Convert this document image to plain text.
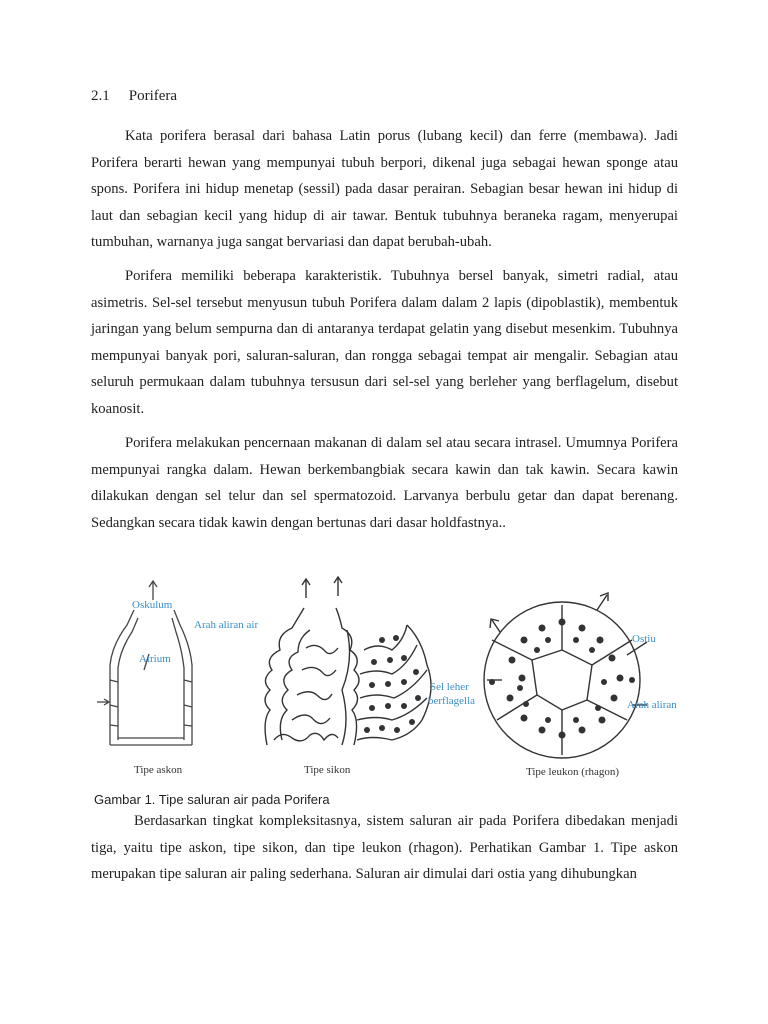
2.1 Porifera

Kata porifera berasal dari bahasa Latin porus (lubang kecil) dan ferre (membawa). Jadi Porifera berarti hewan yang mempunyai tubuh berpori, dikenal juga sebagai hewan sponge atau spons. Porifera ini hidup menetap (sessil) pada dasar perairan. Sebagian besar hewan ini hidup di laut dan sebagian kecil yang hidup di air tawar. Bentuk tubuhnya beraneka ragam, menyerupai tumbuhan, warnanya juga sangat bervariasi dan dapat berubah-ubah.

Porifera memiliki beberapa karakteristik. Tubuhnya bersel banyak, simetri radial, atau asimetris. Sel-sel tersebut menyusun tubuh Porifera dalam dalam 2 lapis (dipoblastik), membentuk jaringan yang belum sempurna dan di antaranya terdapat gelatin yang disebut mesenkim. Tubuhnya mempunyai banyak pori, saluran-saluran, dan rongga sebagai tempat air mengalir. Sebagian atau seluruh permukaan dalam tubuhnya tersusun dari sel-sel yang berleher yang berflagelum, disebut koanosit.

Porifera melakukan pencernaan makanan di dalam sel atau secara intrasel. Umumnya Porifera mempunyai rangka dalam. Hewan berkembangbiak secara kawin dan tak kawin. Secara kawin dilakukan dengan sel telur dan sel spermatozoid. Larvanya berbulu getar dan dapat berenang. Sedangkan secara tidak kawin dengan bertunas dari dasar holdfastnya..

Oskulum
Arah aliran air
Atrium
Tipe askon	Tipe sikon
Ostiu
Arah aliran
Sel leher
berflagella
Tipe leukon (rhagon)
Gambar 1. Tipe saluran air pada Porifera

Berdasarkan tingkat kompleksitasnya, sistem saluran air pada Porifera dibedakan menjadi tiga, yaitu tipe askon, tipe sikon, dan tipe leukon (rhagon). Perhatikan Gambar 1. Tipe askon merupakan tipe saluran air paling sederhana. Saluran air dimulai dari ostia yang dihubungkan
